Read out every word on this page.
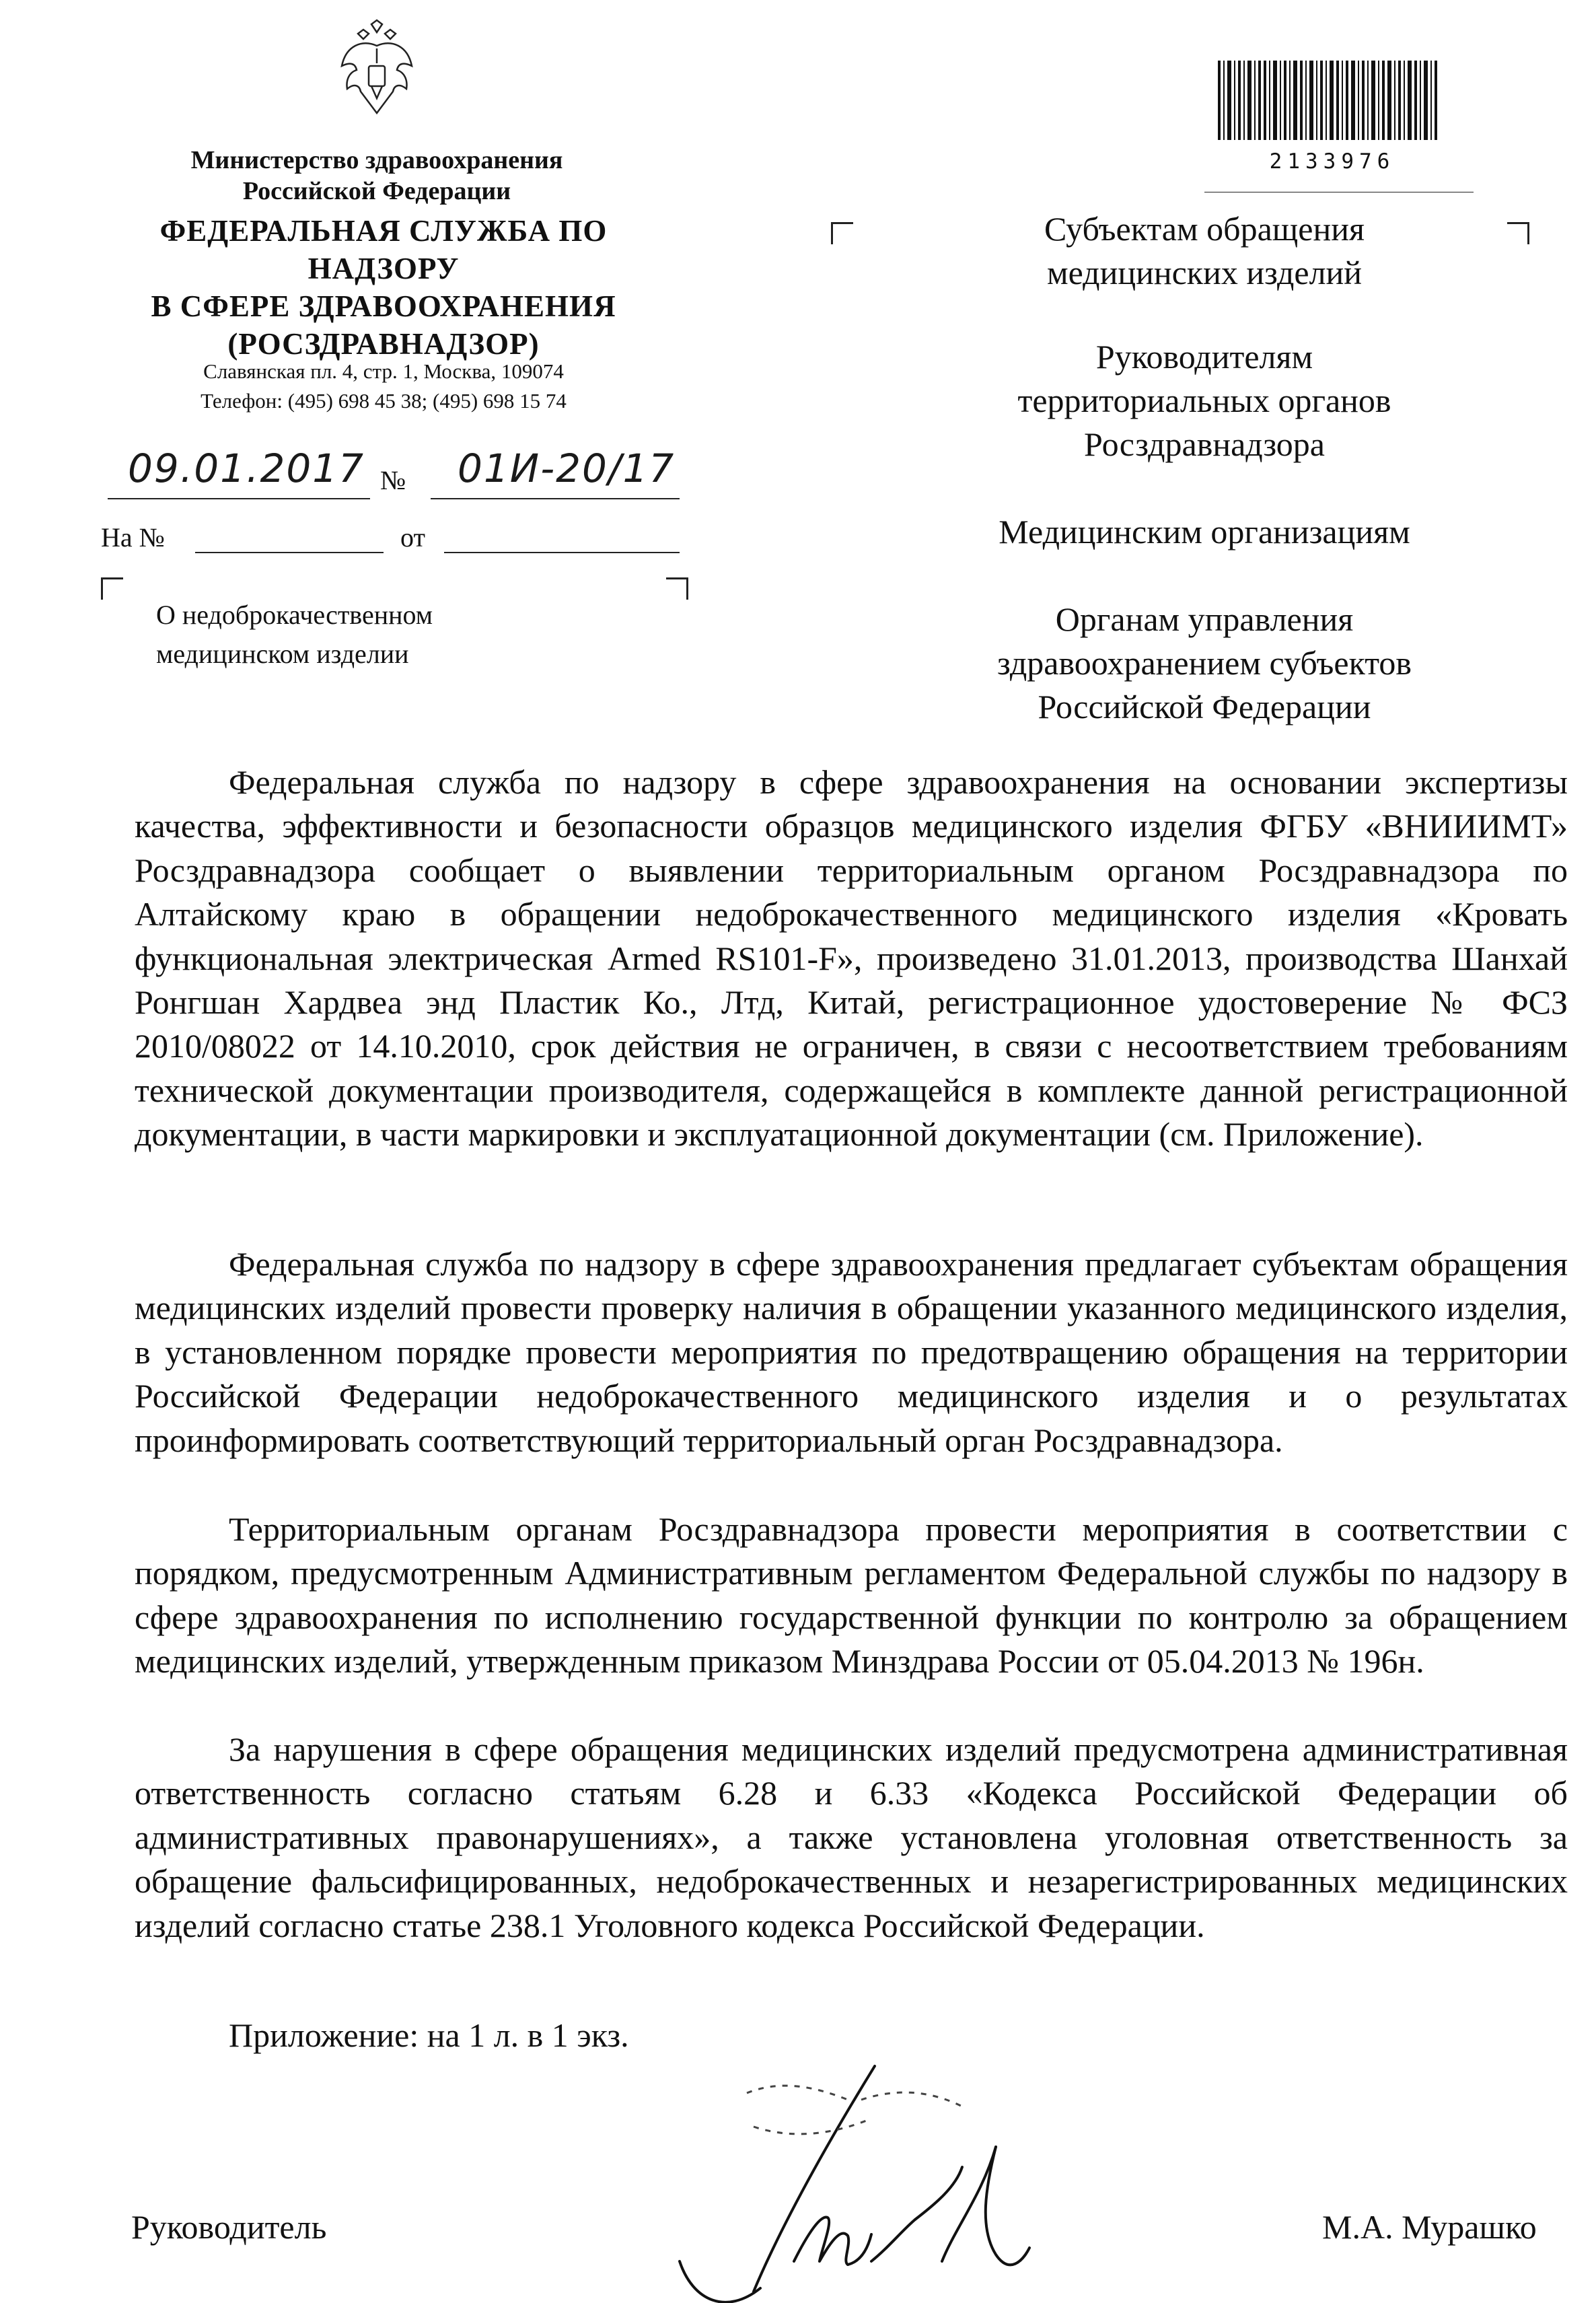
Министерство здравоохранения
Российской Федерации
ФЕДЕРАЛЬНАЯ СЛУЖБА ПО НАДЗОРУ
В СФЕРЕ ЗДРАВООХРАНЕНИЯ
(РОСЗДРАВНАДЗОР)
Славянская пл. 4, стр. 1, Москва, 109074
Телефон: (495) 698 45 38; (495) 698 15 74
09.01.2017 № 01И-20/17
На №	от
О недоброкачественном
медицинском изделии
2133976
Субъектам обращения
медицинских изделий
Руководителям
территориальных органов
Росздравнадзора
Медицинским организациям
Органам управления
здравоохранением субъектов
Российской Федерации
Федеральная служба по надзору в сфере здравоохранения на основании экспертизы качества, эффективности и безопасности образцов медицинского изделия ФГБУ «ВНИИИМТ» Росздравнадзора сообщает о выявлении территориальным органом Росздравнадзора по Алтайскому краю в обращении недоброкачественного медицинского изделия «Кровать функциональная электрическая Armed RS101-F», произведено 31.01.2013, производства Шанхай Ронгшан Хардвеа энд Пластик Ко., Лтд, Китай, регистрационное удостоверение № ФСЗ 2010/08022 от 14.10.2010, срок действия не ограничен, в связи с несоответствием требованиям технической документации производителя, содержащейся в комплекте данной регистрационной документации, в части маркировки и эксплуатационной документации (см. Приложение).
Федеральная служба по надзору в сфере здравоохранения предлагает субъектам обращения медицинских изделий провести проверку наличия в обращении указанного медицинского изделия, в установленном порядке провести мероприятия по предотвращению обращения на территории Российской Федерации недоброкачественного медицинского изделия и о результатах проинформировать соответствующий территориальный орган Росздравнадзора.
Территориальным органам Росздравнадзора провести мероприятия в соответствии с порядком, предусмотренным Административным регламентом Федеральной службы по надзору в сфере здравоохранения по исполнению государственной функции по контролю за обращением медицинских изделий, утвержденным приказом Минздрава России от 05.04.2013 № 196н.
За нарушения в сфере обращения медицинских изделий предусмотрена административная ответственность согласно статьям 6.28 и 6.33 «Кодекса Российской Федерации об административных правонарушениях», а также установлена уголовная ответственность за обращение фальсифицированных, недоброкачественных и незарегистрированных медицинских изделий согласно статье 238.1 Уголовного кодекса Российской Федерации.
Приложение: на 1 л. в 1 экз.
Руководитель	М.А. Мурашко
